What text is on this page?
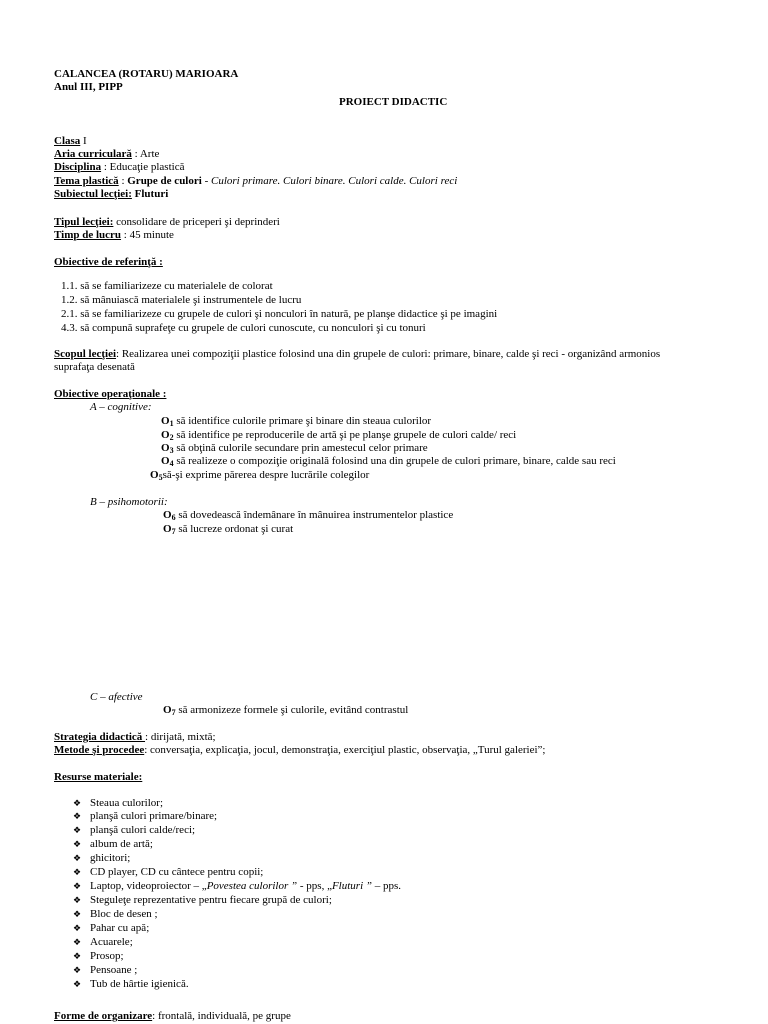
CALANCEA (ROTARU) MARIOARA
Anul III, PIPP
PROIECT DIDACTIC
Clasa I
Aria curriculară : Arte
Disciplina : Educaţie plastică
Tema plastică : Grupe de culori - Culori primare. Culori binare. Culori calde. Culori reci
Subiectul lecţiei: Fluturi
Tipul lecţiei: consolidare de priceperi şi deprinderi
Timp de lucru : 45 minute
Obiective de referinţă :
1.1. să se familiarizeze cu materialele de colorat
1.2. să mânuiască materialele şi instrumentele de lucru
2.1. să se familiarizeze cu grupele de culori şi nonculori în natură, pe planşe didactice şi pe imagini
4.3. să compună suprafeţe cu grupele de culori cunoscute, cu nonculori şi cu tonuri
Scopul lecţiei: Realizarea unei compoziţii plastice folosind una din grupele de culori: primare, binare, calde şi reci - organizând armonios
suprafaţa desenată
Obiective operaţionale :
A – cognitive:
$O_1$ să identifice culorile primare şi binare din steaua culorilor
$O_2$ să identifice pe reproducerile de artă şi pe planşe grupele de culori calde/ reci
$O_3$ să obţină culorile secundare prin amestecul celor primare
$O_4$ să realizeze o compoziţie originală folosind una din grupele de culori primare, binare, calde sau reci
$O_5să-şi$ exprime părerea despre lucrările colegilor
B – psihomotorii:
$O_6$ să dovedească îndemânare în mânuirea instrumentelor plastice
$O_7$ să lucreze ordonat şi curat
C – afective
$O_7$ să armonizeze formele şi culorile, evitând contrastul
Strategia didactică : dirijată, mixtă;
Metode şi procedee: conversaţia, explicaţia, jocul, demonstraţia, exerciţiul plastic, observaţia, „Turul galeriei”;
Resurse materiale:
❖ Steaua culorilor;
❖ planşă culori primare/binare;
❖ planşă culori calde/reci;
❖ album de artă;
❖ ghicitori;
❖ CD player, CD cu cântece pentru copii;
❖ Laptop, videoproiector – „Povestea culorilor ” - pps, „Fluturi ” – pps.
❖ Steguleţe reprezentative pentru fiecare grupă de culori;
❖ Bloc de desen ;
❖ Pahar cu apă;
❖ Acuarele;
❖ Prosop;
❖ Pensoane ;
❖ Tub de hârtie igienică.
Forme de organizare: frontală, individuală, pe grupe
